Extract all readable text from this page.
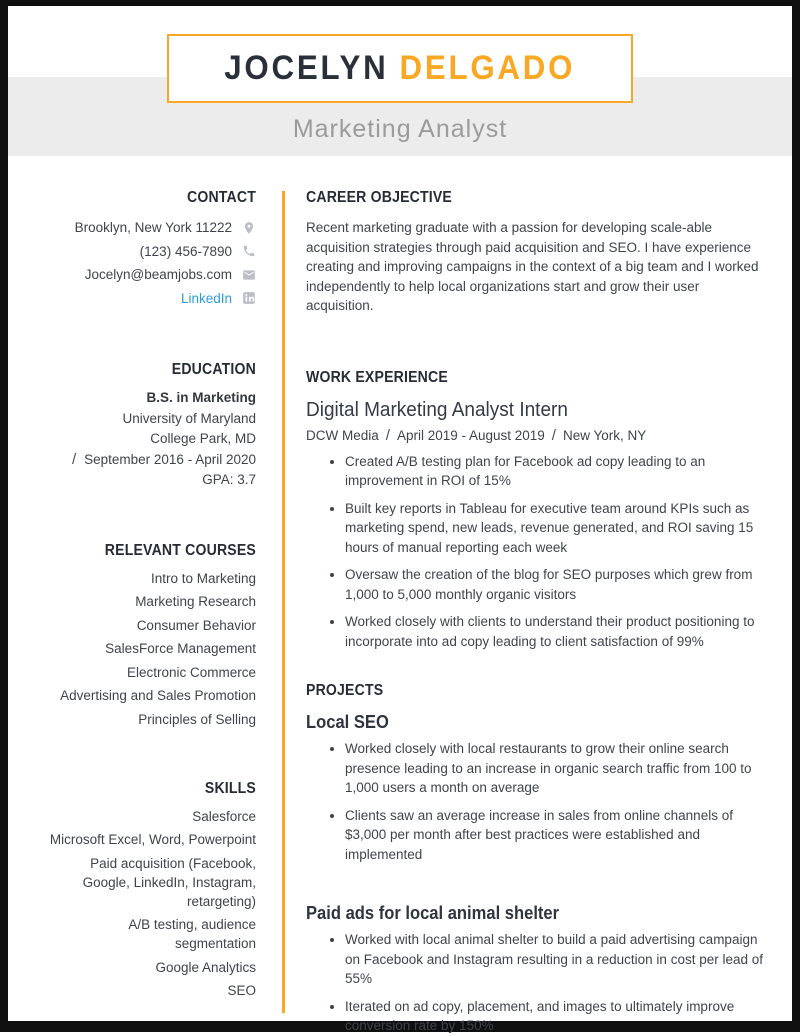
JOCELYN DELGADO
Marketing Analyst
CONTACT
Brooklyn, New York 11222
(123) 456-7890
Jocelyn@beamjobs.com
LinkedIn
EDUCATION
B.S. in Marketing
University of Maryland
College Park, MD
/ September 2016 - April 2020
GPA: 3.7
RELEVANT COURSES
Intro to Marketing
Marketing Research
Consumer Behavior
SalesForce Management
Electronic Commerce
Advertising and Sales Promotion
Principles of Selling
SKILLS
Salesforce
Microsoft Excel, Word, Powerpoint
Paid acquisition (Facebook, Google, LinkedIn, Instagram, retargeting)
A/B testing, audience segmentation
Google Analytics
SEO
CAREER OBJECTIVE

Recent marketing graduate with a passion for developing scale-able acquisition strategies through paid acquisition and SEO. I have experience creating and improving campaigns in the context of a big team and I worked independently to help local organizations start and grow their user acquisition.

WORK EXPERIENCE
Digital Marketing Analyst Intern
DCW Media / April 2019 - August 2019 / New York, NY
• Created A/B testing plan for Facebook ad copy leading to an improvement in ROI of 15%
• Built key reports in Tableau for executive team around KPIs such as marketing spend, new leads, revenue generated, and ROI saving 15 hours of manual reporting each week
• Oversaw the creation of the blog for SEO purposes which grew from 1,000 to 5,000 monthly organic visitors
• Worked closely with clients to understand their product positioning to incorporate into ad copy leading to client satisfaction of 99%
PROJECTS
Local SEO
• Worked closely with local restaurants to grow their online search presence leading to an increase in organic search traffic from 100 to 1,000 users a month on average
• Clients saw an average increase in sales from online channels of $3,000 per month after best practices were established and implemented
Paid ads for local animal shelter
• Worked with local animal shelter to build a paid advertising campaign on Facebook and Instagram resulting in a reduction in cost per lead of 55%
• Iterated on ad copy, placement, and images to ultimately improve conversion rate by 150%
